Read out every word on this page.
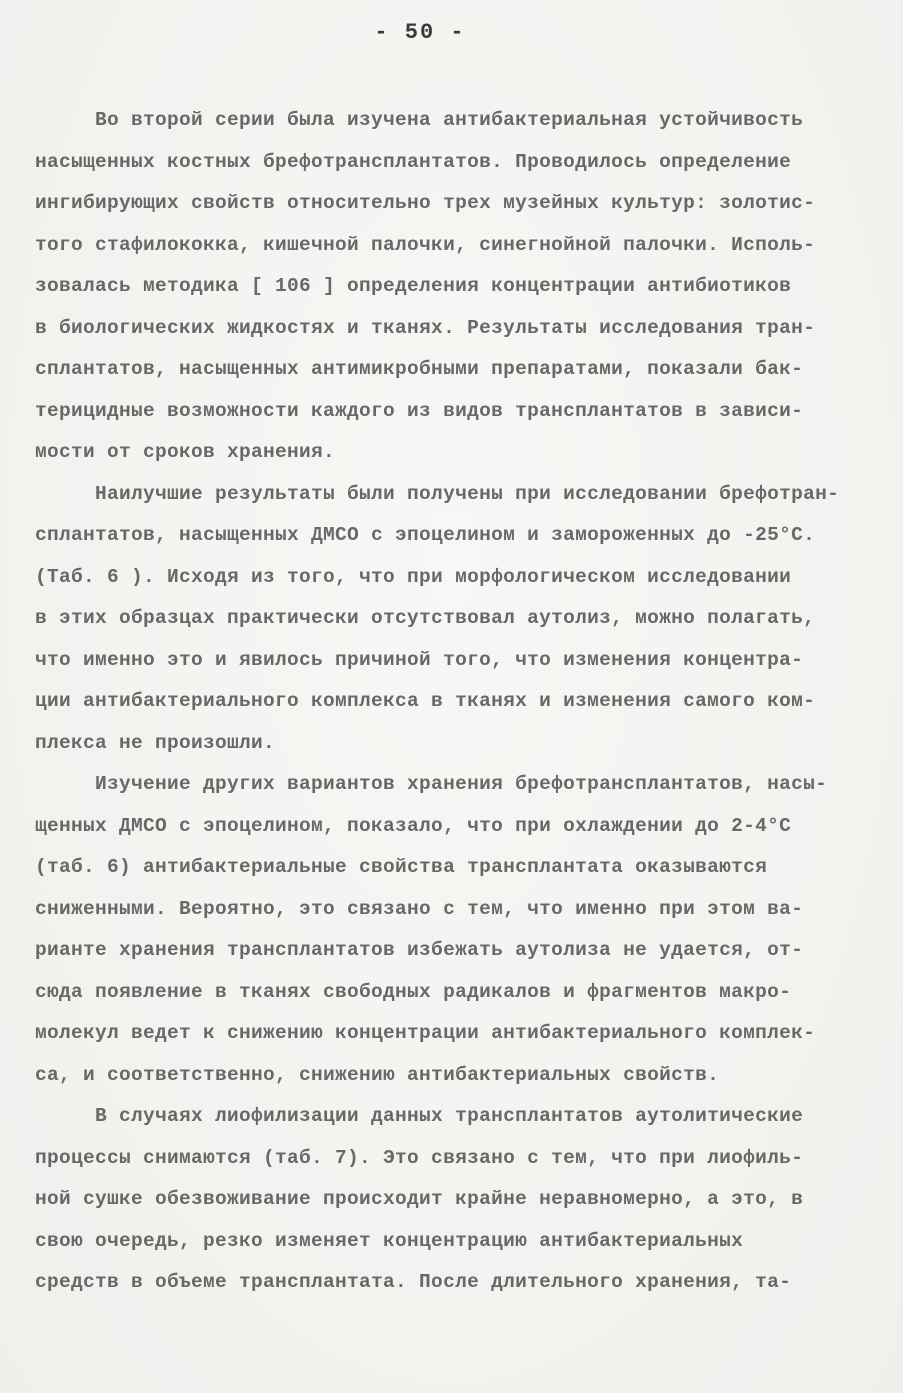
- 50 -
Во второй серии была изучена антибактериальная устойчивость
насыщенных костных брефотрансплантатов. Проводилось определение
ингибирующих свойств относительно трех музейных культур: золотис-
того стафилококка, кишечной палочки, синегнойной палочки. Исполь-
зовалась методика [ 106 ] определения концентрации антибиотиков
в биологических жидкостях и тканях. Результаты исследования тран-
сплантатов, насыщенных антимикробными препаратами, показали бак-
терицидные возможности каждого из видов трансплантатов в зависи-
мости от сроков хранения.
Наилучшие результаты были получены при исследовании брефотран-
сплантатов, насыщенных ДМСО с эпоцелином и замороженных до -25°С.
(Таб. 6 ). Исходя из того, что при морфологическом исследовании
в этих образцах практически отсутствовал аутолиз, можно полагать,
что именно это и явилось причиной того, что изменения концентра-
ции антибактериального комплекса в тканях и изменения самого ком-
плекса не произошли.
Изучение других вариантов хранения брефотрансплантатов, насы-
щенных ДМСО с эпоцелином, показало, что при охлаждении до 2-4°С
(таб. 6) антибактериальные свойства трансплантата оказываются
сниженными. Вероятно, это связано с тем, что именно при этом ва-
рианте хранения трансплантатов избежать аутолиза не удается, от-
сюда появление в тканях свободных радикалов и фрагментов макро-
молекул ведет к снижению концентрации антибактериального комплек-
са, и соответственно, снижению антибактериальных свойств.
В случаях лиофилизации данных трансплантатов аутолитические
процессы снимаются (таб. 7). Это связано с тем, что при лиофиль-
ной сушке обезвоживание происходит крайне неравномерно, а это, в
свою очередь, резко изменяет концентрацию антибактериальных
средств в объеме трансплантата. После длительного хранения, та-
